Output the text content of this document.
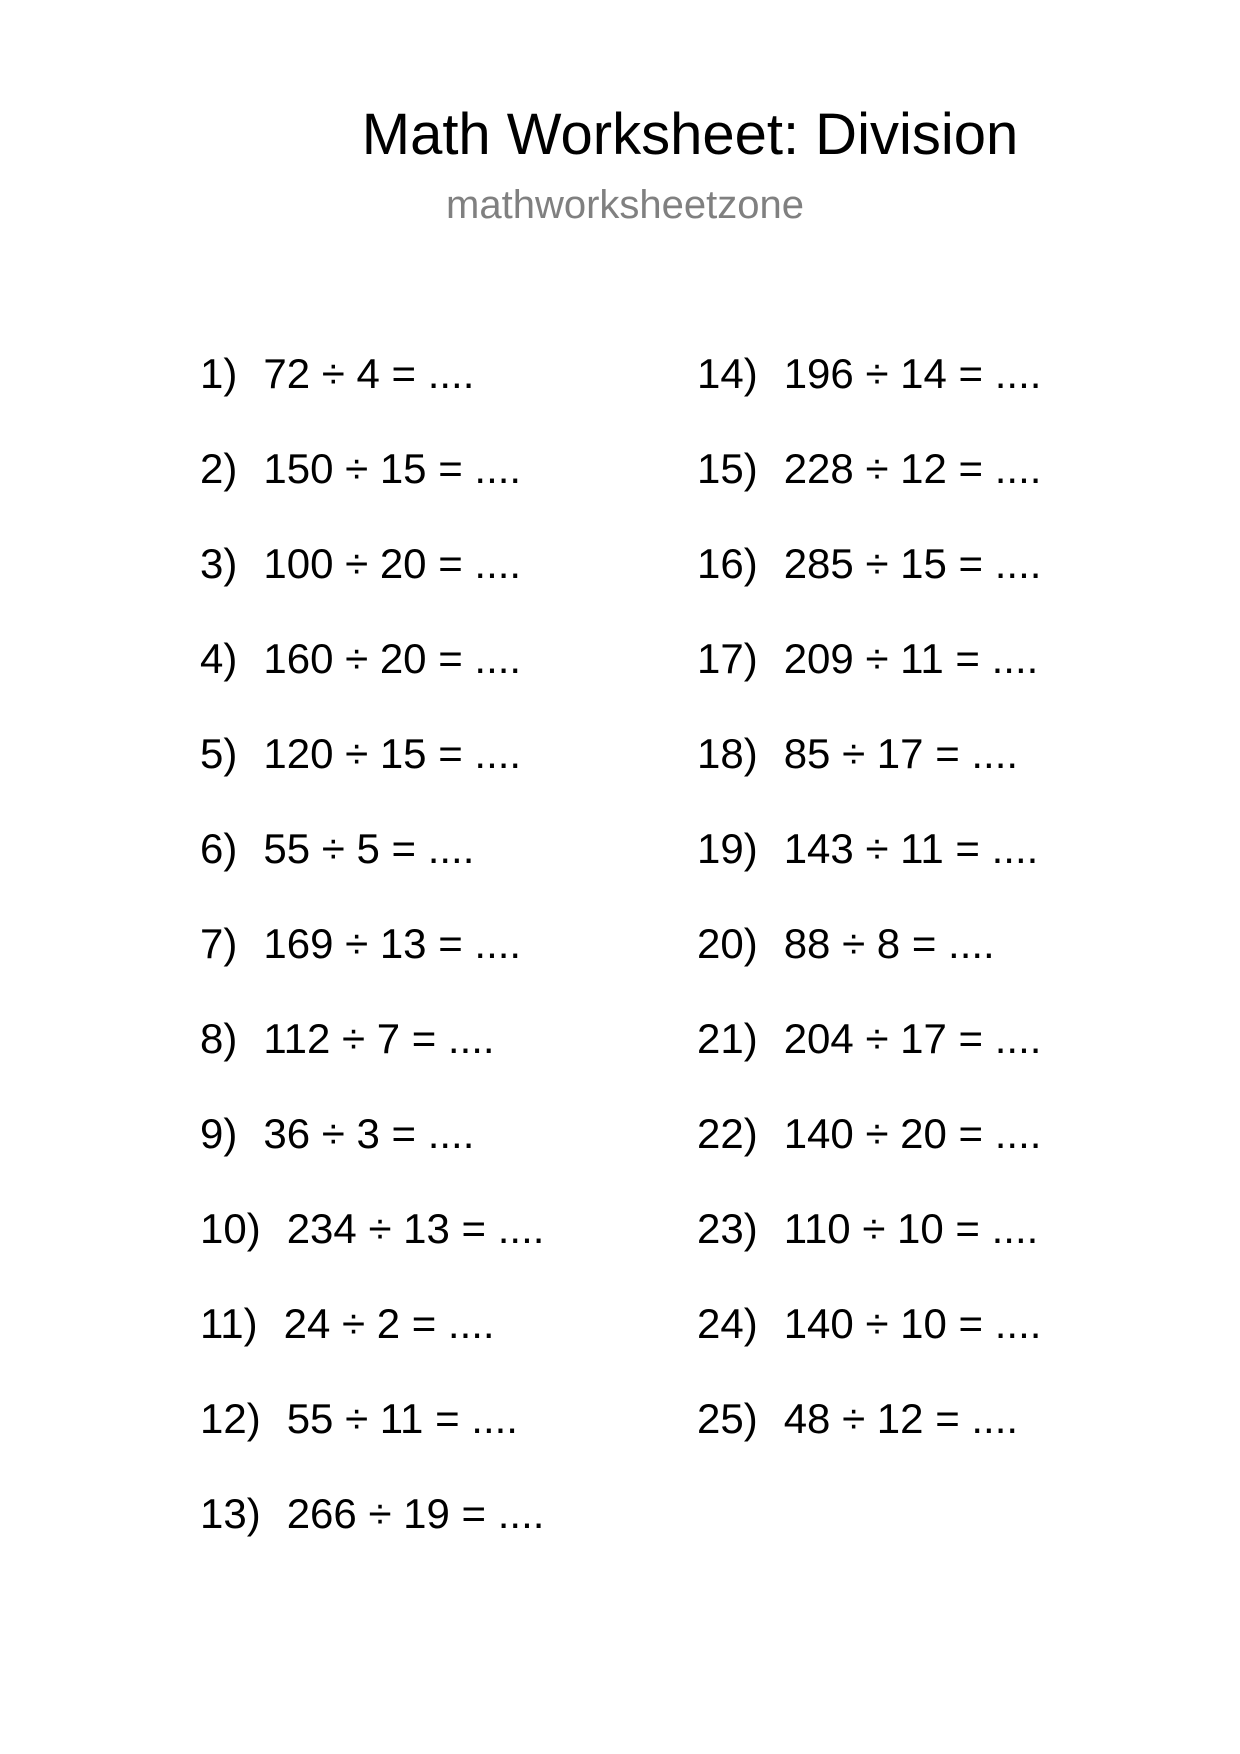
Math Worksheet: Division
mathworksheetzone
1) 72 ÷ 4 = ....
2) 150 ÷ 15 = ....
3) 100 ÷ 20 = ....
4) 160 ÷ 20 = ....
5) 120 ÷ 15 = ....
6) 55 ÷ 5 = ....
7) 169 ÷ 13 = ....
8) 112 ÷ 7 = ....
9) 36 ÷ 3 = ....
10) 234 ÷ 13 = ....
11) 24 ÷ 2 = ....
12) 55 ÷ 11 = ....
13) 266 ÷ 19 = ....
14) 196 ÷ 14 = ....
15) 228 ÷ 12 = ....
16) 285 ÷ 15 = ....
17) 209 ÷ 11 = ....
18) 85 ÷ 17 = ....
19) 143 ÷ 11 = ....
20) 88 ÷ 8 = ....
21) 204 ÷ 17 = ....
22) 140 ÷ 20 = ....
23) 110 ÷ 10 = ....
24) 140 ÷ 10 = ....
25) 48 ÷ 12 = ....
